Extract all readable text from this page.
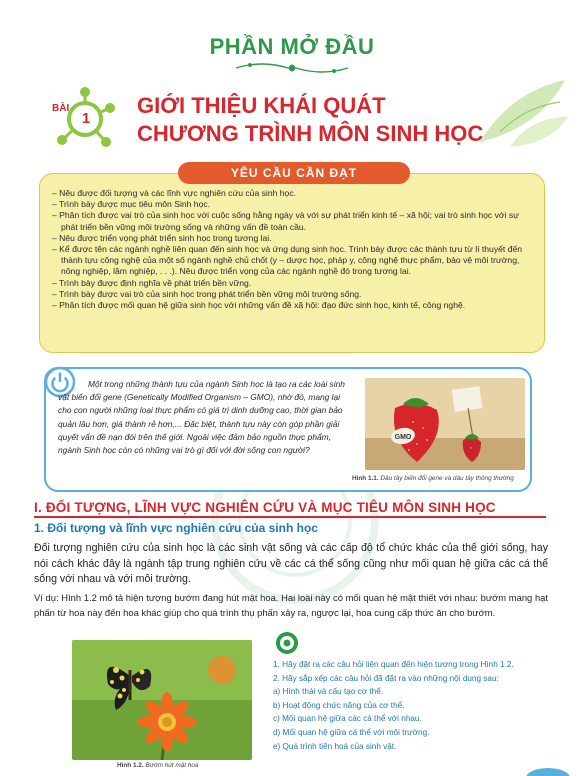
PHẦN MỞ ĐẦU
BÀI
1
GIỚI THIỆU KHÁI QUÁT
CHƯƠNG TRÌNH MÔN SINH HỌC
– Nêu được đối tượng và các lĩnh vực nghiên cứu của sinh học.
– Trình bày được mục tiêu môn Sinh học.
– Phân tích được vai trò của sinh học với cuộc sống hằng ngày và với sự phát triển kinh tế – xã hội; vai trò sinh học với sự phát triển bền vững môi trường sống và những vấn đề toàn cầu.
– Nêu được triển vọng phát triển sinh học trong tương lai.
– Kể được tên các ngành nghề liên quan đến sinh học và ứng dụng sinh học. Trình bày được các thành tựu từ lí thuyết đến thành tựu công nghệ của một số ngành nghề chủ chốt (y – dược học, pháp y, công nghệ thực phẩm, bảo vệ môi trường, nông nghiệp, lâm nghiệp, . . .). Nêu được triển vọng của các ngành nghề đó trong tương lai.
– Trình bày được định nghĩa về phát triển bền vững.
– Trình bày được vai trò của sinh học trong phát triển bền vững môi trường sống.
– Phân tích được mối quan hệ giữa sinh học với những vấn đề xã hội: đạo đức sinh học, kinh tế, công nghệ.
YÊU CẦU CẦN ĐẠT
Một trong những thành tựu của ngành Sinh học là tạo ra các loài sinh vật biến đổi gene (Genetically Modified Organism – GMO), nhờ đó, mang lại cho con người những loại thực phẩm có giá trị dinh dưỡng cao, thời gian bảo quản lâu hơn, giá thành rẻ hơn,... Đặc biệt, thành tựu này còn góp phần giải quyết vấn đề nạn đói trên thế giới. Ngoài việc đảm bảo nguồn thực phẩm, ngành Sinh học còn có những vai trò gì đối với đời sống con người?
GMO
Hình 1.1. Dâu tây biến đổi gene và dâu tây thông thường
I. ĐỐI TƯỢNG, LĨNH VỰC NGHIÊN CỨU VÀ MỤC TIÊU MÔN SINH HỌC
1. Đối tượng và lĩnh vực nghiên cứu của sinh học
Đối tượng nghiên cứu của sinh học là các sinh vật sống và các cấp độ tổ chức khác của thế giới sống, hay nói cách khác đây là ngành tập trung nghiên cứu về các cá thể sống cũng như mối quan hệ giữa các cá thể sống với nhau và với môi trường.
Ví dụ: Hình 1.2 mô tả hiện tượng bướm đang hút mật hoa. Hai loài này có mối quan hệ mật thiết với nhau: bướm mang hạt phấn từ hoa này đến hoa khác giúp cho quá trình thụ phấn xảy ra, ngược lại, hoa cung cấp thức ăn cho bướm.
Hình 1.2. Bướm hút mật hoa
1. Hãy đặt ra các câu hỏi liên quan đến hiện tượng trong Hình 1.2.
2. Hãy sắp xếp các câu hỏi đã đặt ra vào những nội dung sau:
a) Hình thái và cấu tạo cơ thể.
b) Hoạt động chức năng của cơ thể.
c) Mối quan hệ giữa các cá thể với nhau.
d) Mối quan hệ giữa cá thể với môi trường.
e) Quá trình tiến hoá của sinh vật.
